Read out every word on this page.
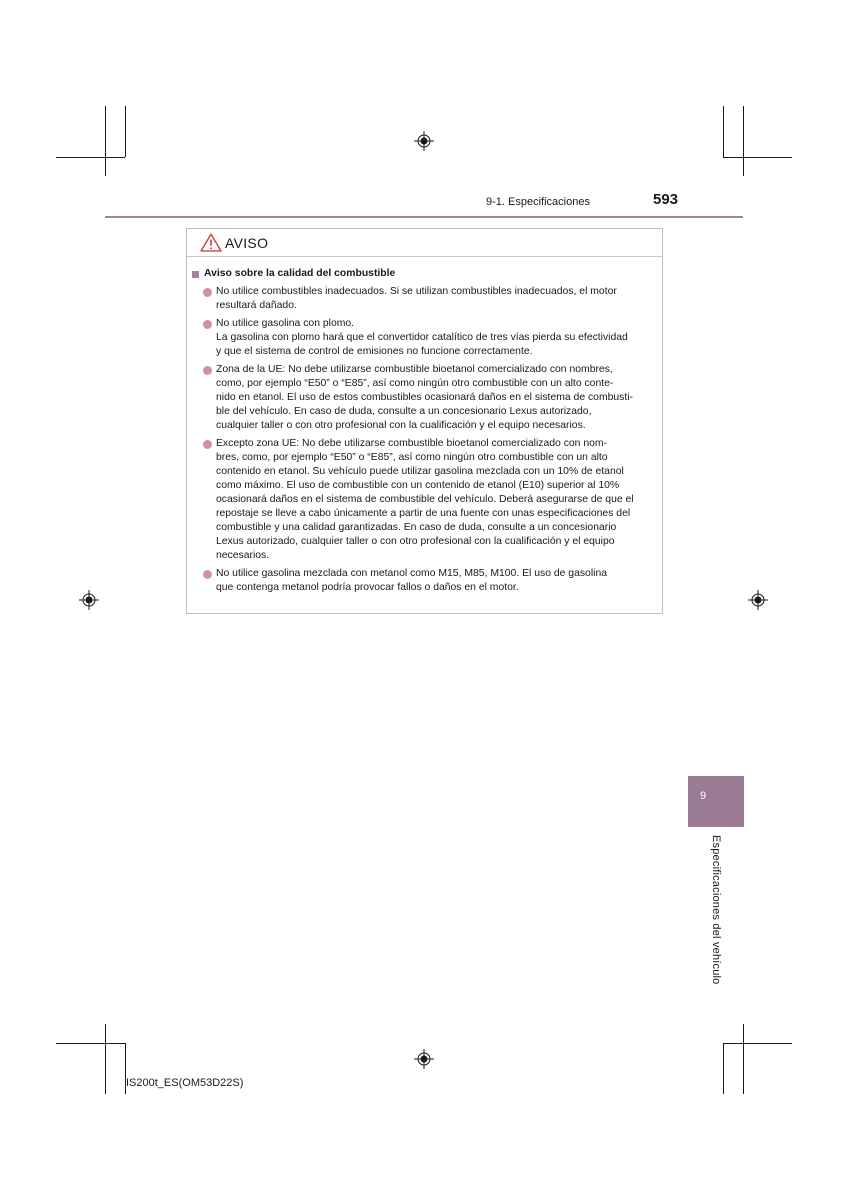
9-1. Especificaciones	593
AVISO
Aviso sobre la calidad del combustible
No utilice combustibles inadecuados. Si se utilizan combustibles inadecuados, el motor
resultará dañado.
No utilice gasolina con plomo.
La gasolina con plomo hará que el convertidor catalítico de tres vías pierda su efectividad
y que el sistema de control de emisiones no funcione correctamente.
Zona de la UE: No debe utilizarse combustible bioetanol comercializado con nombres,
como, por ejemplo “E50” o “E85”, así como ningún otro combustible con un alto conte-
nido en etanol. El uso de estos combustibles ocasionará daños en el sistema de combusti-
ble del vehículo. En caso de duda, consulte a un concesionario Lexus autorizado,
cualquier taller o con otro profesional con la cualificación y el equipo necesarios.
Excepto zona UE: No debe utilizarse combustible bioetanol comercializado con nom-
bres, como, por ejemplo “E50” o “E85”, así como ningún otro combustible con un alto
contenido en etanol. Su vehículo puede utilizar gasolina mezclada con un 10% de etanol
como máximo. El uso de combustible con un contenido de etanol (E10) superior al 10%
ocasionará daños en el sistema de combustible del vehículo. Deberá asegurarse de que el
repostaje se lleve a cabo únicamente a partir de una fuente con unas especificaciones del
combustible y una calidad garantizadas. En caso de duda, consulte a un concesionario
Lexus autorizado, cualquier taller o con otro profesional con la cualificación y el equipo
necesarios.
No utilice gasolina mezclada con metanol como M15, M85, M100. El uso de gasolina
que contenga metanol podría provocar fallos o daños en el motor.
9
Especificaciones del vehículo
IS200t_ES(OM53D22S)
